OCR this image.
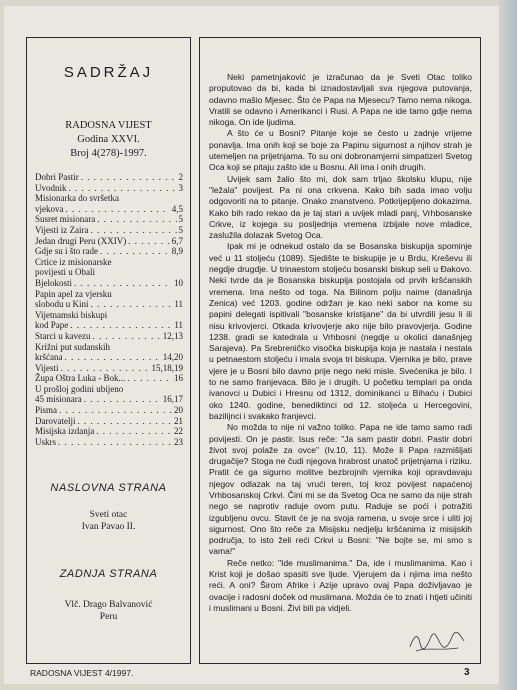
SADRŽAJ
RADOSNA VIJEST
Godina XXVI.
Broj 4(278)-1997.
Dobri Pastir . . .	2
Uvodnik . . .	3
Misionarka do svršetka
vjekova . . .	4,5
Susret misionara . . .	5
Vijesti iz Zaira . . .	5
Jedan drugi Peru (XXIV) . . .	6,7
Gdje su i što rade . . .	8,9
Crtice iz misionarske
povijesti u Obali
Bjelokosti . . .	10
Papin apel za vjersku
slobodu u Kini . . .	11
Vijetnamski biskupi
kod Pape . . .	11
Starci u kavezu . . .	12,13
Križni put sudanskih
kršćana . . .	14,20
Vijesti . . .	15,18,19
Župa Oštra Luka - Bok... . . .	16
U prošloj godini ubijeno
45 misionara . . .	16,17
Pisma . . .	20
Darovatelji . . .	21
Misijska izdanja . . .	22
Uskrs . . .	23
NASLOVNA STRANA
Sveti otac
Ivan Pavao II.
ZADNJA STRANA
Vlč. Drago Balvanović
Peru

Neki pametnjaković je izračunao da je Sveti Otac toliko proputovao da bi, kada bi iznadostavljali sva njegova putovanja, odavno mašio Mjesec. Što će Papa na Mjesecu? Tamo nema nikoga. Vratili se odavno i Amerikanci i Rusi. A Papa ne ide tamo gdje nema nikoga. On ide ljudima.

A što će u Bosni? Pitanje koje se često u zadnje vrijeme ponavlja. Ima onih koji se boje za Papinu sigurnost a njihov strah je utemeljen na prijetnjama. To su oni dobronamjerni simpatizeri Svetog Oca koji se pitaju zašto ide u Bosnu. Ali ima i onih drugih.

Uvijek sam žalio što mi, dok sam trljao školsku klupu, nije "ležala" povijest. Pa ni ona crkvena. Kako bih sada imao volju odgovoriti na to pitanje. Onako znanstveno. Potkrijepljeno dokazima. Kako bih rado rekao da je taj stari a uvijek mladi panj, Vrhbosanske Crkve, iz kojega su posljednja vremena izbijale nove mladice, zaslužila dolazak Svetog Oca.

Ipak mi je odnekud ostalo da se Bosanska biskupija spominje već u 11 stoljeću (1089). Sjedište te biskupije je u Brdu, Kreševu ili negdje drugdje. U trinaestom stoljeću bosanski biskup seli u Đakovo. Neki tvrde da je Bosanska biskupija postojala od prvih kršćanskih vremena. Ima nešto od toga. Na Bilinom polju naime (današnja Zenica) već 1203. godine održan je kao neki sabor na kome su papini delegati ispitivali "bosanske kristijane" da bi utvrdili jesu li ili nisu krivovjerci. Otkada krivovjerje ako nije bilo pravovjerja. Godine 1238. gradi se katedrala u Vrhbosni (negdje u okolici današnjeg Sarajeva). Pa Srebreničko visočka biskupija koja je nastala i nestala u petnaestom stoljeću i imala svoja tri biskupa. Vjernika je bilo, prave vjere je u Bosni bilo davno prije nego neki misle. Svećenika je bilo. I to ne samo franjevaca. Bilo je i drugih. U početku templari pa onda ivanovci u Dubici i Hresnu od 1312, dominikanci u Bihaću i Dubici oko 1240. godine, benediktinci od 12. stoljeća u Hercegovini, bazilijnci i svakako franjevci.

No možda to nije ni važno toliko. Papa ne ide tamo samo radi povijesti. On je pastir. Isus reče: "Ja sam pastir dobri. Pastir dobri život svoj polaže za ovce" (Iv.10, 11). Može li Papa razmišljati drugačije? Stoga ne čudi njegova hrabrost unatoč prijetnjama i riziku. Pratit će ga sigurno molitve bezbrojnih vjernika koji opravdavaju njegov odlazak na taj vrući teren, toj kroz povijest napaćenoj Vrhbosanskoj Crkvi. Čini mi se da Svetog Oca ne samo da nije strah nego se naprotiv raduje ovom putu. Raduje se poći i potražiti izgubljenu ovcu. Stavit će je na svoja ramena, u svoje srce i uliti joj sigurnost. Ono što reče za Misijsku nedjelju kršćanima iz misijskih područja, to isto želi reći Crkvi u Bosni: "Ne bojte se, mi smo s vama!"

Reče netko: "Ide muslimanima." Da, ide i muslimanima. Kao i Krist koji je došao spasiti sve ljude. Vjerujem da i njima ima nešto reći. A oni? Širom Afrike i Azije upravo ovaj Papa doživljavao je ovacije i radosni doček od muslimana. Možda će to znati i htjeti učiniti i muslimani u Bosni. Živi bili pa vidjeli.

RADOSNA VIJEST 4/1997.	3
